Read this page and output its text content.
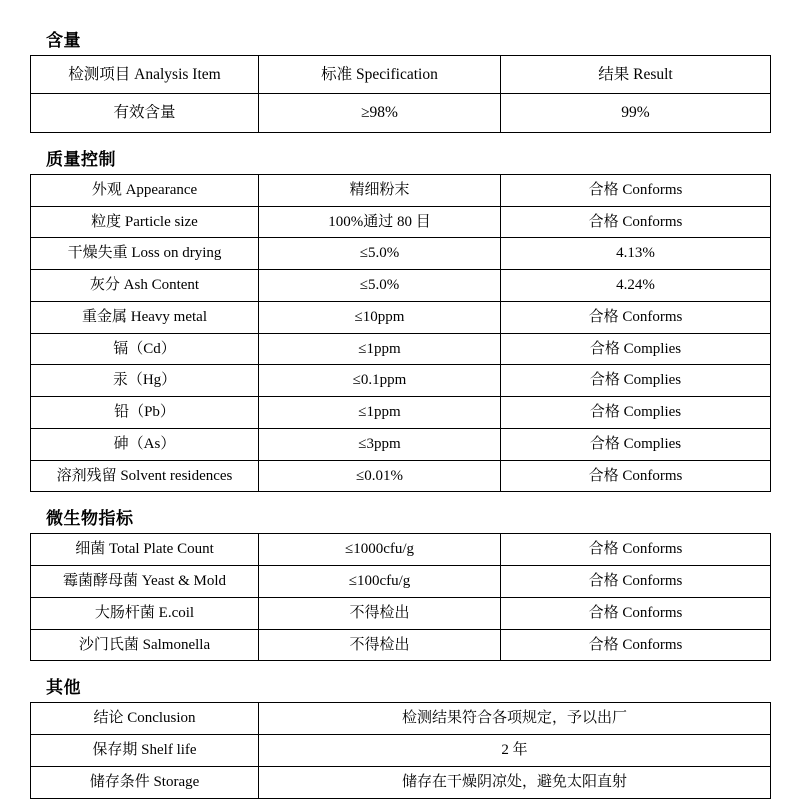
含量
检测项目 Analysis Item	标准 Specification	结果 Result
有效含量	≥98%	99%
质量控制
外观 Appearance	精细粉末	合格 Conforms
粒度 Particle size	100%通过 80 目	合格 Conforms
干燥失重 Loss on drying	≤5.0%	4.13%
灰分 Ash Content	≤5.0%	4.24%
重金属 Heavy metal	≤10ppm	合格 Conforms
镉（Cd）	≤1ppm	合格 Complies
汞（Hg）	≤0.1ppm	合格 Complies
铅（Pb）	≤1ppm	合格 Complies
砷（As）	≤3ppm	合格 Complies
溶剂残留 Solvent residences	≤0.01%	合格 Conforms
微生物指标
细菌 Total Plate Count	≤1000cfu/g	合格 Conforms
霉菌酵母菌 Yeast & Mold	≤100cfu/g	合格 Conforms
大肠杆菌 E.coil	不得检出	合格 Conforms
沙门氏菌 Salmonella	不得检出	合格 Conforms
其他
结论 Conclusion	检测结果符合各项规定，予以出厂
保存期 Shelf life	2 年
储存条件 Storage	储存在干燥阴凉处，避免太阳直射
